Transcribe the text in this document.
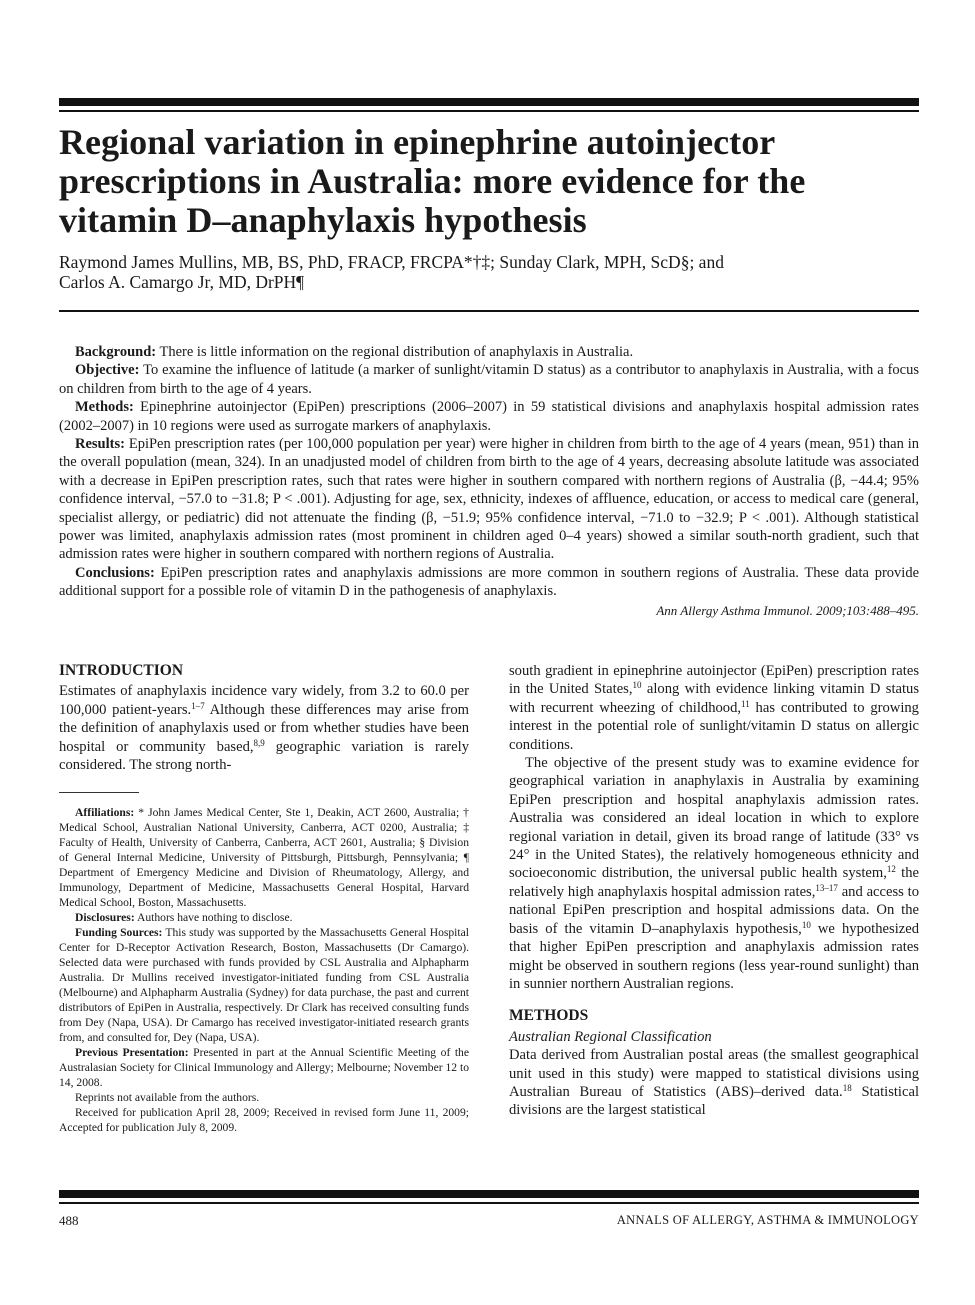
Regional variation in epinephrine autoinjector prescriptions in Australia: more evidence for the vitamin D–anaphylaxis hypothesis
Raymond James Mullins, MB, BS, PhD, FRACP, FRCPA*†‡; Sunday Clark, MPH, ScD§; and
Carlos A. Camargo Jr, MD, DrPH¶

Background: There is little information on the regional distribution of anaphylaxis in Australia.

Objective: To examine the influence of latitude (a marker of sunlight/vitamin D status) as a contributor to anaphylaxis in Australia, with a focus on children from birth to the age of 4 years.

Methods: Epinephrine autoinjector (EpiPen) prescriptions (2006–2007) in 59 statistical divisions and anaphylaxis hospital admission rates (2002–2007) in 10 regions were used as surrogate markers of anaphylaxis.

Results: EpiPen prescription rates (per 100,000 population per year) were higher in children from birth to the age of 4 years (mean, 951) than in the overall population (mean, 324). In an unadjusted model of children from birth to the age of 4 years, decreasing absolute latitude was associated with a decrease in EpiPen prescription rates, such that rates were higher in southern compared with northern regions of Australia (β, −44.4; 95% confidence interval, −57.0 to −31.8; P < .001). Adjusting for age, sex, ethnicity, indexes of affluence, education, or access to medical care (general, specialist allergy, or pediatric) did not attenuate the finding (β, −51.9; 95% confidence interval, −71.0 to −32.9; P < .001). Although statistical power was limited, anaphylaxis admission rates (most prominent in children aged 0–4 years) showed a similar south-north gradient, such that admission rates were higher in southern compared with northern regions of Australia.

Conclusions: EpiPen prescription rates and anaphylaxis admissions are more common in southern regions of Australia. These data provide additional support for a possible role of vitamin D in the pathogenesis of anaphylaxis.

Ann Allergy Asthma Immunol. 2009;103:488–495.
INTRODUCTION

Estimates of anaphylaxis incidence vary widely, from 3.2 to 60.0 per 100,000 patient-years.$^{1-7}$ Although these differences may arise from the definition of anaphylaxis used or from whether studies have been hospital or community based,$^{8,9}$ geographic variation is rarely considered. The strong north-

Affiliations: * John James Medical Center, Ste 1, Deakin, ACT 2600, Australia; † Medical School, Australian National University, Canberra, ACT 0200, Australia; ‡ Faculty of Health, University of Canberra, Canberra, ACT 2601, Australia; § Division of General Internal Medicine, University of Pittsburgh, Pittsburgh, Pennsylvania; ¶ Department of Emergency Medicine and Division of Rheumatology, Allergy, and Immunology, Department of Medicine, Massachusetts General Hospital, Harvard Medical School, Boston, Massachusetts.

Disclosures: Authors have nothing to disclose.

Funding Sources: This study was supported by the Massachusetts General Hospital Center for D-Receptor Activation Research, Boston, Massachusetts (Dr Camargo). Selected data were purchased with funds provided by CSL Australia and Alphapharm Australia. Dr Mullins received investigator-initiated funding from CSL Australia (Melbourne) and Alphapharm Australia (Sydney) for data purchase, the past and current distributors of EpiPen in Australia, respectively. Dr Clark has received consulting funds from Dey (Napa, USA). Dr Camargo has received investigator-initiated research grants from, and consulted for, Dey (Napa, USA).

Previous Presentation: Presented in part at the Annual Scientific Meeting of the Australasian Society for Clinical Immunology and Allergy; Melbourne; November 12 to 14, 2008.

Reprints not available from the authors.

Received for publication April 28, 2009; Received in revised form June 11, 2009; Accepted for publication July 8, 2009.

south gradient in epinephrine autoinjector (EpiPen) prescription rates in the United States,$^{10}$ along with evidence linking vitamin D status with recurrent wheezing of childhood,$^{11}$ has contributed to growing interest in the potential role of sunlight/vitamin D status on allergic conditions.

The objective of the present study was to examine evidence for geographical variation in anaphylaxis in Australia by examining EpiPen prescription and hospital anaphylaxis admission rates. Australia was considered an ideal location in which to explore regional variation in detail, given its broad range of latitude (33° vs 24° in the United States), the relatively homogeneous ethnicity and socioeconomic distribution, the universal public health system,$^{12}$ the relatively high anaphylaxis hospital admission rates,$^{13-17}$ and access to national EpiPen prescription and hospital admissions data. On the basis of the vitamin D–anaphylaxis hypothesis,$^{10}$ we hypothesized that higher EpiPen prescription and anaphylaxis admission rates might be observed in southern regions (less year-round sunlight) than in sunnier northern Australian regions.

METHODS

Australian Regional Classification

Data derived from Australian postal areas (the smallest geographical unit used in this study) were mapped to statistical divisions using Australian Bureau of Statistics (ABS)–derived data.$^{18}$ Statistical divisions are the largest statistical

488	ANNALS OF ALLERGY, ASTHMA & IMMUNOLOGY
